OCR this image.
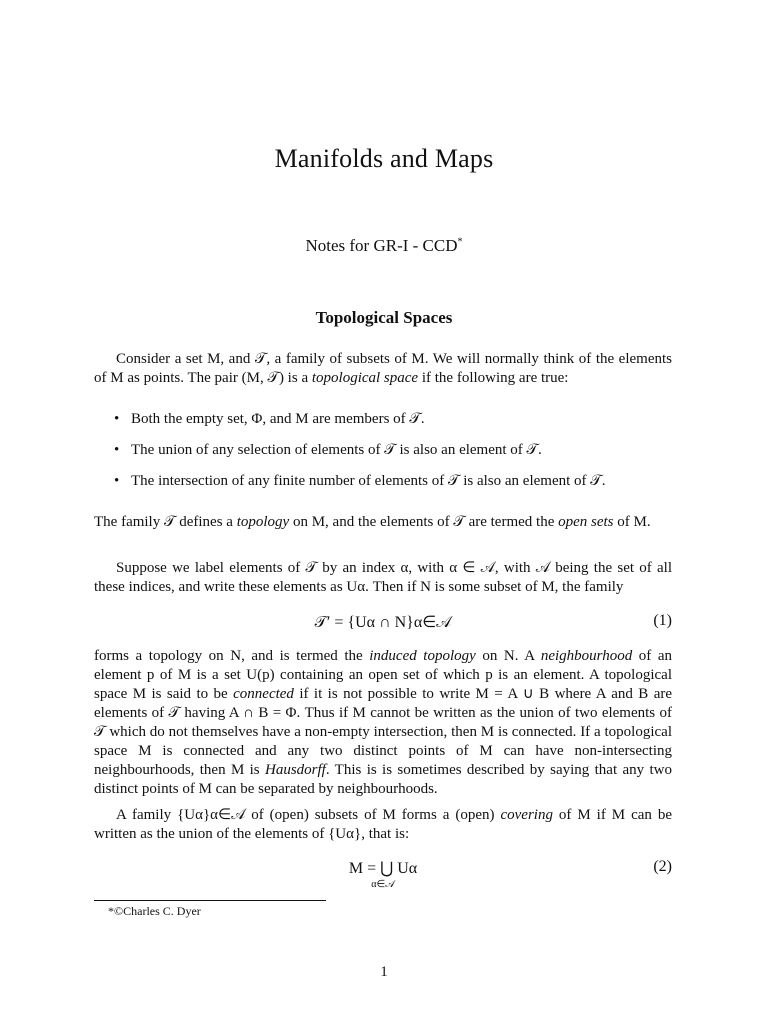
Manifolds and Maps
Notes for GR-I - CCD*
Topological Spaces
Consider a set M, and 𝒯, a family of subsets of M. We will normally think of the elements of M as points. The pair (M, 𝒯) is a topological space if the following are true:
• Both the empty set, Φ, and M are members of 𝒯.
• The union of any selection of elements of 𝒯 is also an element of 𝒯.
• The intersection of any finite number of elements of 𝒯 is also an element of 𝒯.
The family 𝒯 defines a topology on M, and the elements of 𝒯 are termed the open sets of M.
Suppose we label elements of 𝒯 by an index α, with α ∈ 𝒜, with 𝒜 being the set of all these indices, and write these elements as Uα. Then if N is some subset of M, the family
𝒯′ = {Uα ∩ N}α∈𝒜	(1)
forms a topology on N, and is termed the induced topology on N. A neighbourhood of an element p of M is a set U(p) containing an open set of which p is an element. A topological space M is said to be connected if it is not possible to write M = A ∪ B where A and B are elements of 𝒯 having A ∩ B = Φ. Thus if M cannot be written as the union of two elements of 𝒯 which do not themselves have a non-empty intersection, then M is connected. If a topological space M is connected and any two distinct points of M can have non-intersecting neighbourhoods, then M is Hausdorff. This is is sometimes described by saying that any two distinct points of M can be separated by neighbourhoods.
A family {Uα}α∈𝒜 of (open) subsets of M forms a (open) covering of M if M can be written as the union of the elements of {Uα}, that is:
M = ⋃ Uα
α∈𝒜
(2)
*©Charles C. Dyer
1
